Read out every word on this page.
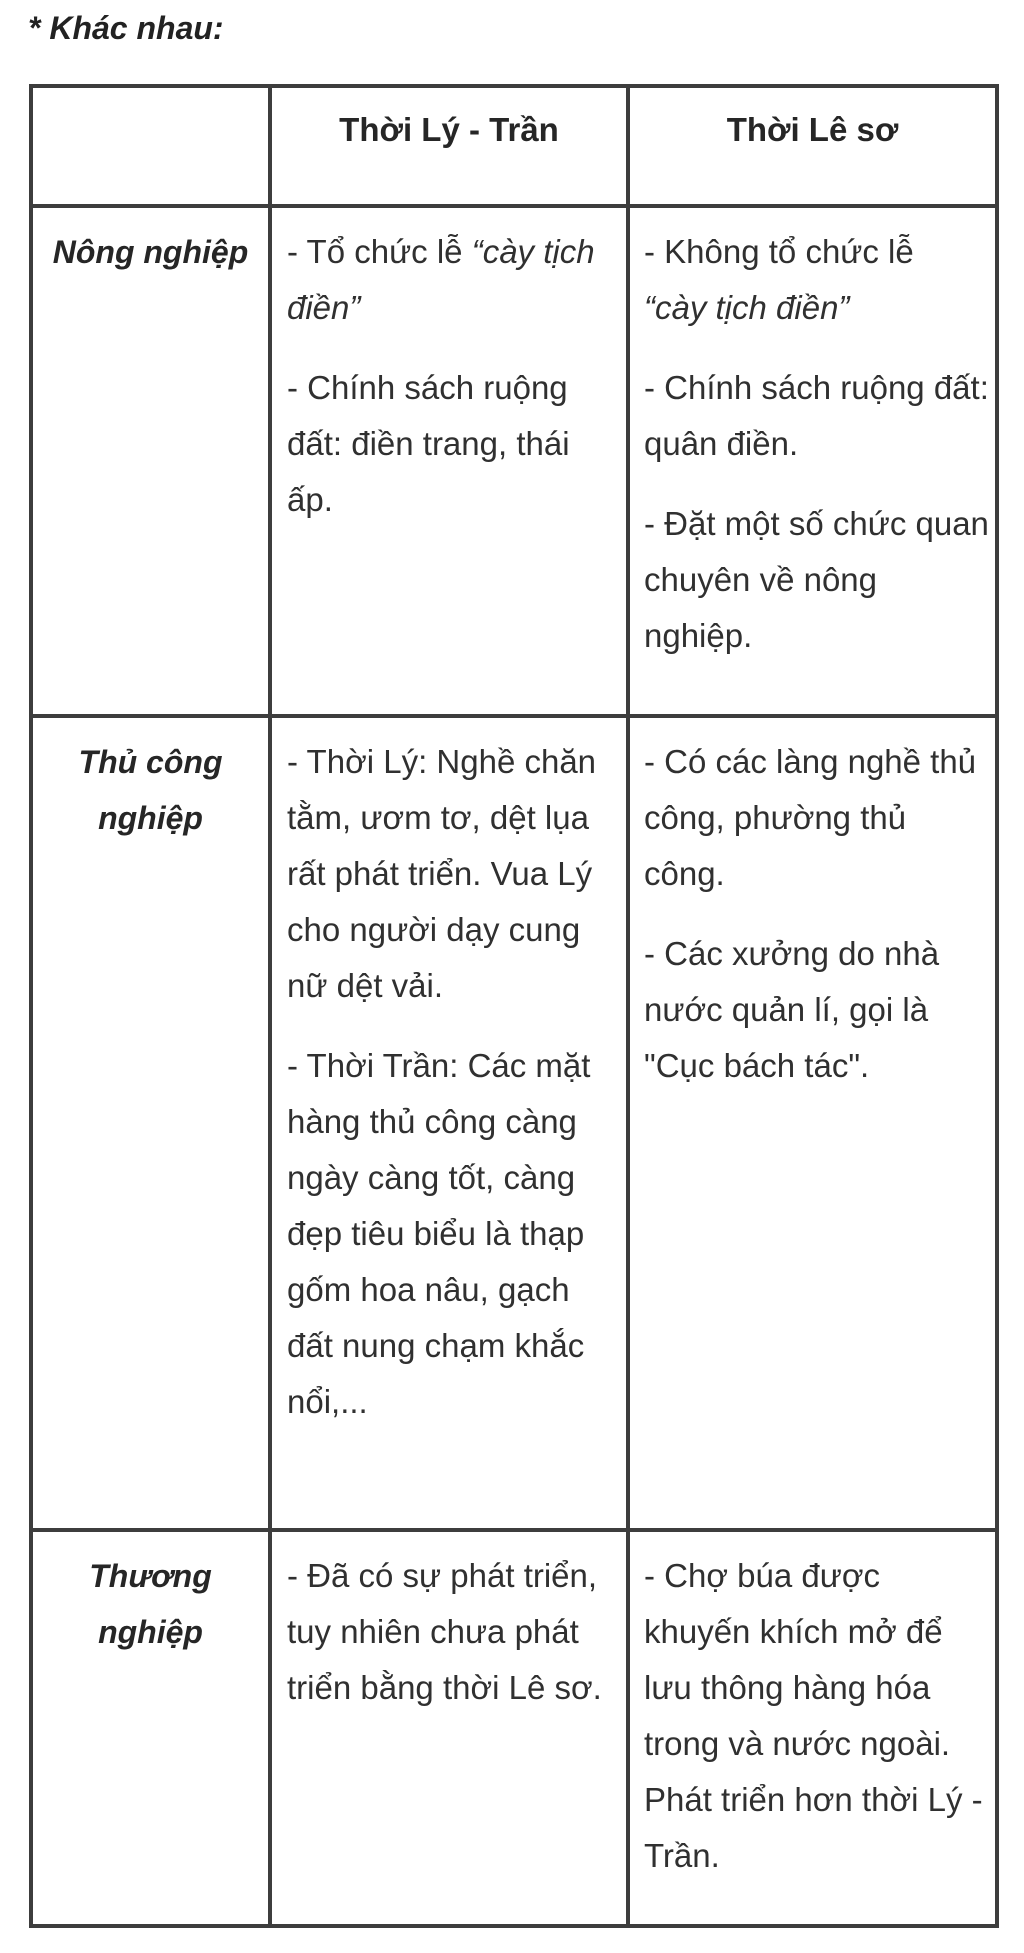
* Khác nhau:
Thời Lý - Trần	Thời Lê sơ
Nông nghiệp	- Tổ chức lễ “cày tịch điền”

- Chính sách ruộng đất: điền trang, thái ấp.

- Không tổ chức lễ
“cày tịch điền”

- Chính sách ruộng đất: quân điền.

- Đặt một số chức quan chuyên về nông nghiệp.

Thủ công nghiệp

- Thời Lý: Nghề chăn tằm, ươm tơ, dệt lụa rất phát triển. Vua Lý cho người dạy cung nữ dệt vải.

- Thời Trần: Các mặt hàng thủ công càng ngày càng tốt, càng đẹp tiêu biểu là thạp gốm hoa nâu, gạch đất nung chạm khắc nổi,...

- Có các làng nghề thủ công, phường thủ công.

- Các xưởng do nhà nước quản lí, gọi là "Cục bách tác".

Thương nghiệp

- Đã có sự phát triển, tuy nhiên chưa phát triển bằng thời Lê sơ.

- Chợ búa được khuyến khích mở để lưu thông hàng hóa trong và nước ngoài. Phát triển hơn thời Lý - Trần.
